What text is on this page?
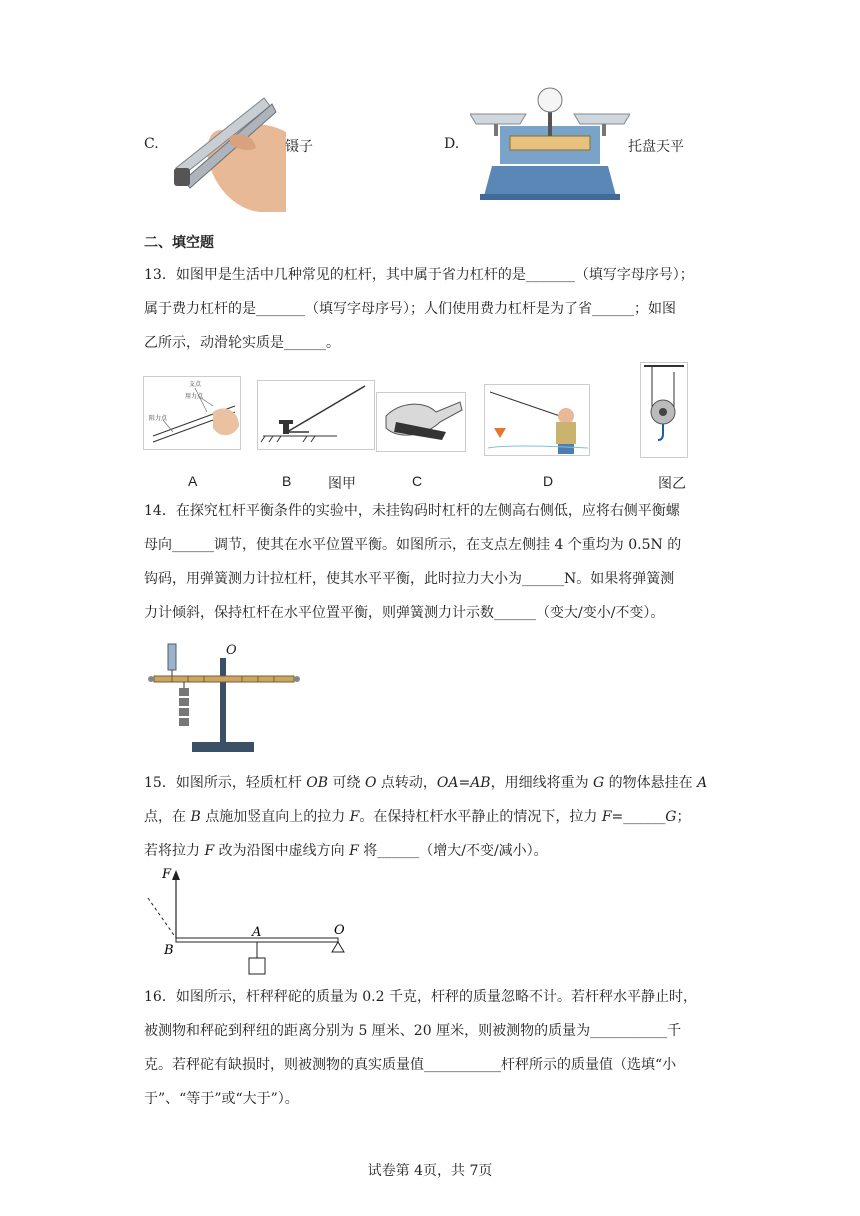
C.	镊子	D.	托盘天平
二、填空题
13．如图甲是生活中几种常见的杠杆，其中属于省力杠杆的是_______（填写字母序号）；
属于费力杠杆的是_______（填写字母序号）；人们使用费力杠杆是为了省______；如图
乙所示，动滑轮实质是______。
支点
用力点
阻力点
A	B	图甲	C	D	图乙
14．在探究杠杆平衡条件的实验中，未挂钩码时杠杆的左侧高右侧低，应将右侧平衡螺
母向______调节，使其在水平位置平衡。如图所示，在支点左侧挂 4 个重均为 0.5N 的
钩码，用弹簧测力计拉杠杆，使其水平平衡，此时拉力大小为______N。如果将弹簧测
力计倾斜，保持杠杆在水平位置平衡，则弹簧测力计示数______（变大/变小/不变）。
O
15．如图所示，轻质杠杆 OB 可绕 O 点转动，OA=AB，用细线将重为 G 的物体悬挂在 A
点，在 B 点施加竖直向上的拉力 F。在保持杠杆水平静止的情况下，拉力 F=______G；
若将拉力 F 改为沿图中虚线方向 F 将______（增大/不变/减小）。
F
B
A	O
16．如图所示，杆秤秤砣的质量为 0.2 千克，杆秤的质量忽略不计。若杆秤水平静止时，
被测物和秤砣到秤纽的距离分别为 5 厘米、20 厘米，则被测物的质量为___________千
克。若秤砣有缺损时，则被测物的真实质量值___________杆秤所示的质量值（选填“小
于”、“等于”或“大于”）。
试卷第 4页，共 7页
